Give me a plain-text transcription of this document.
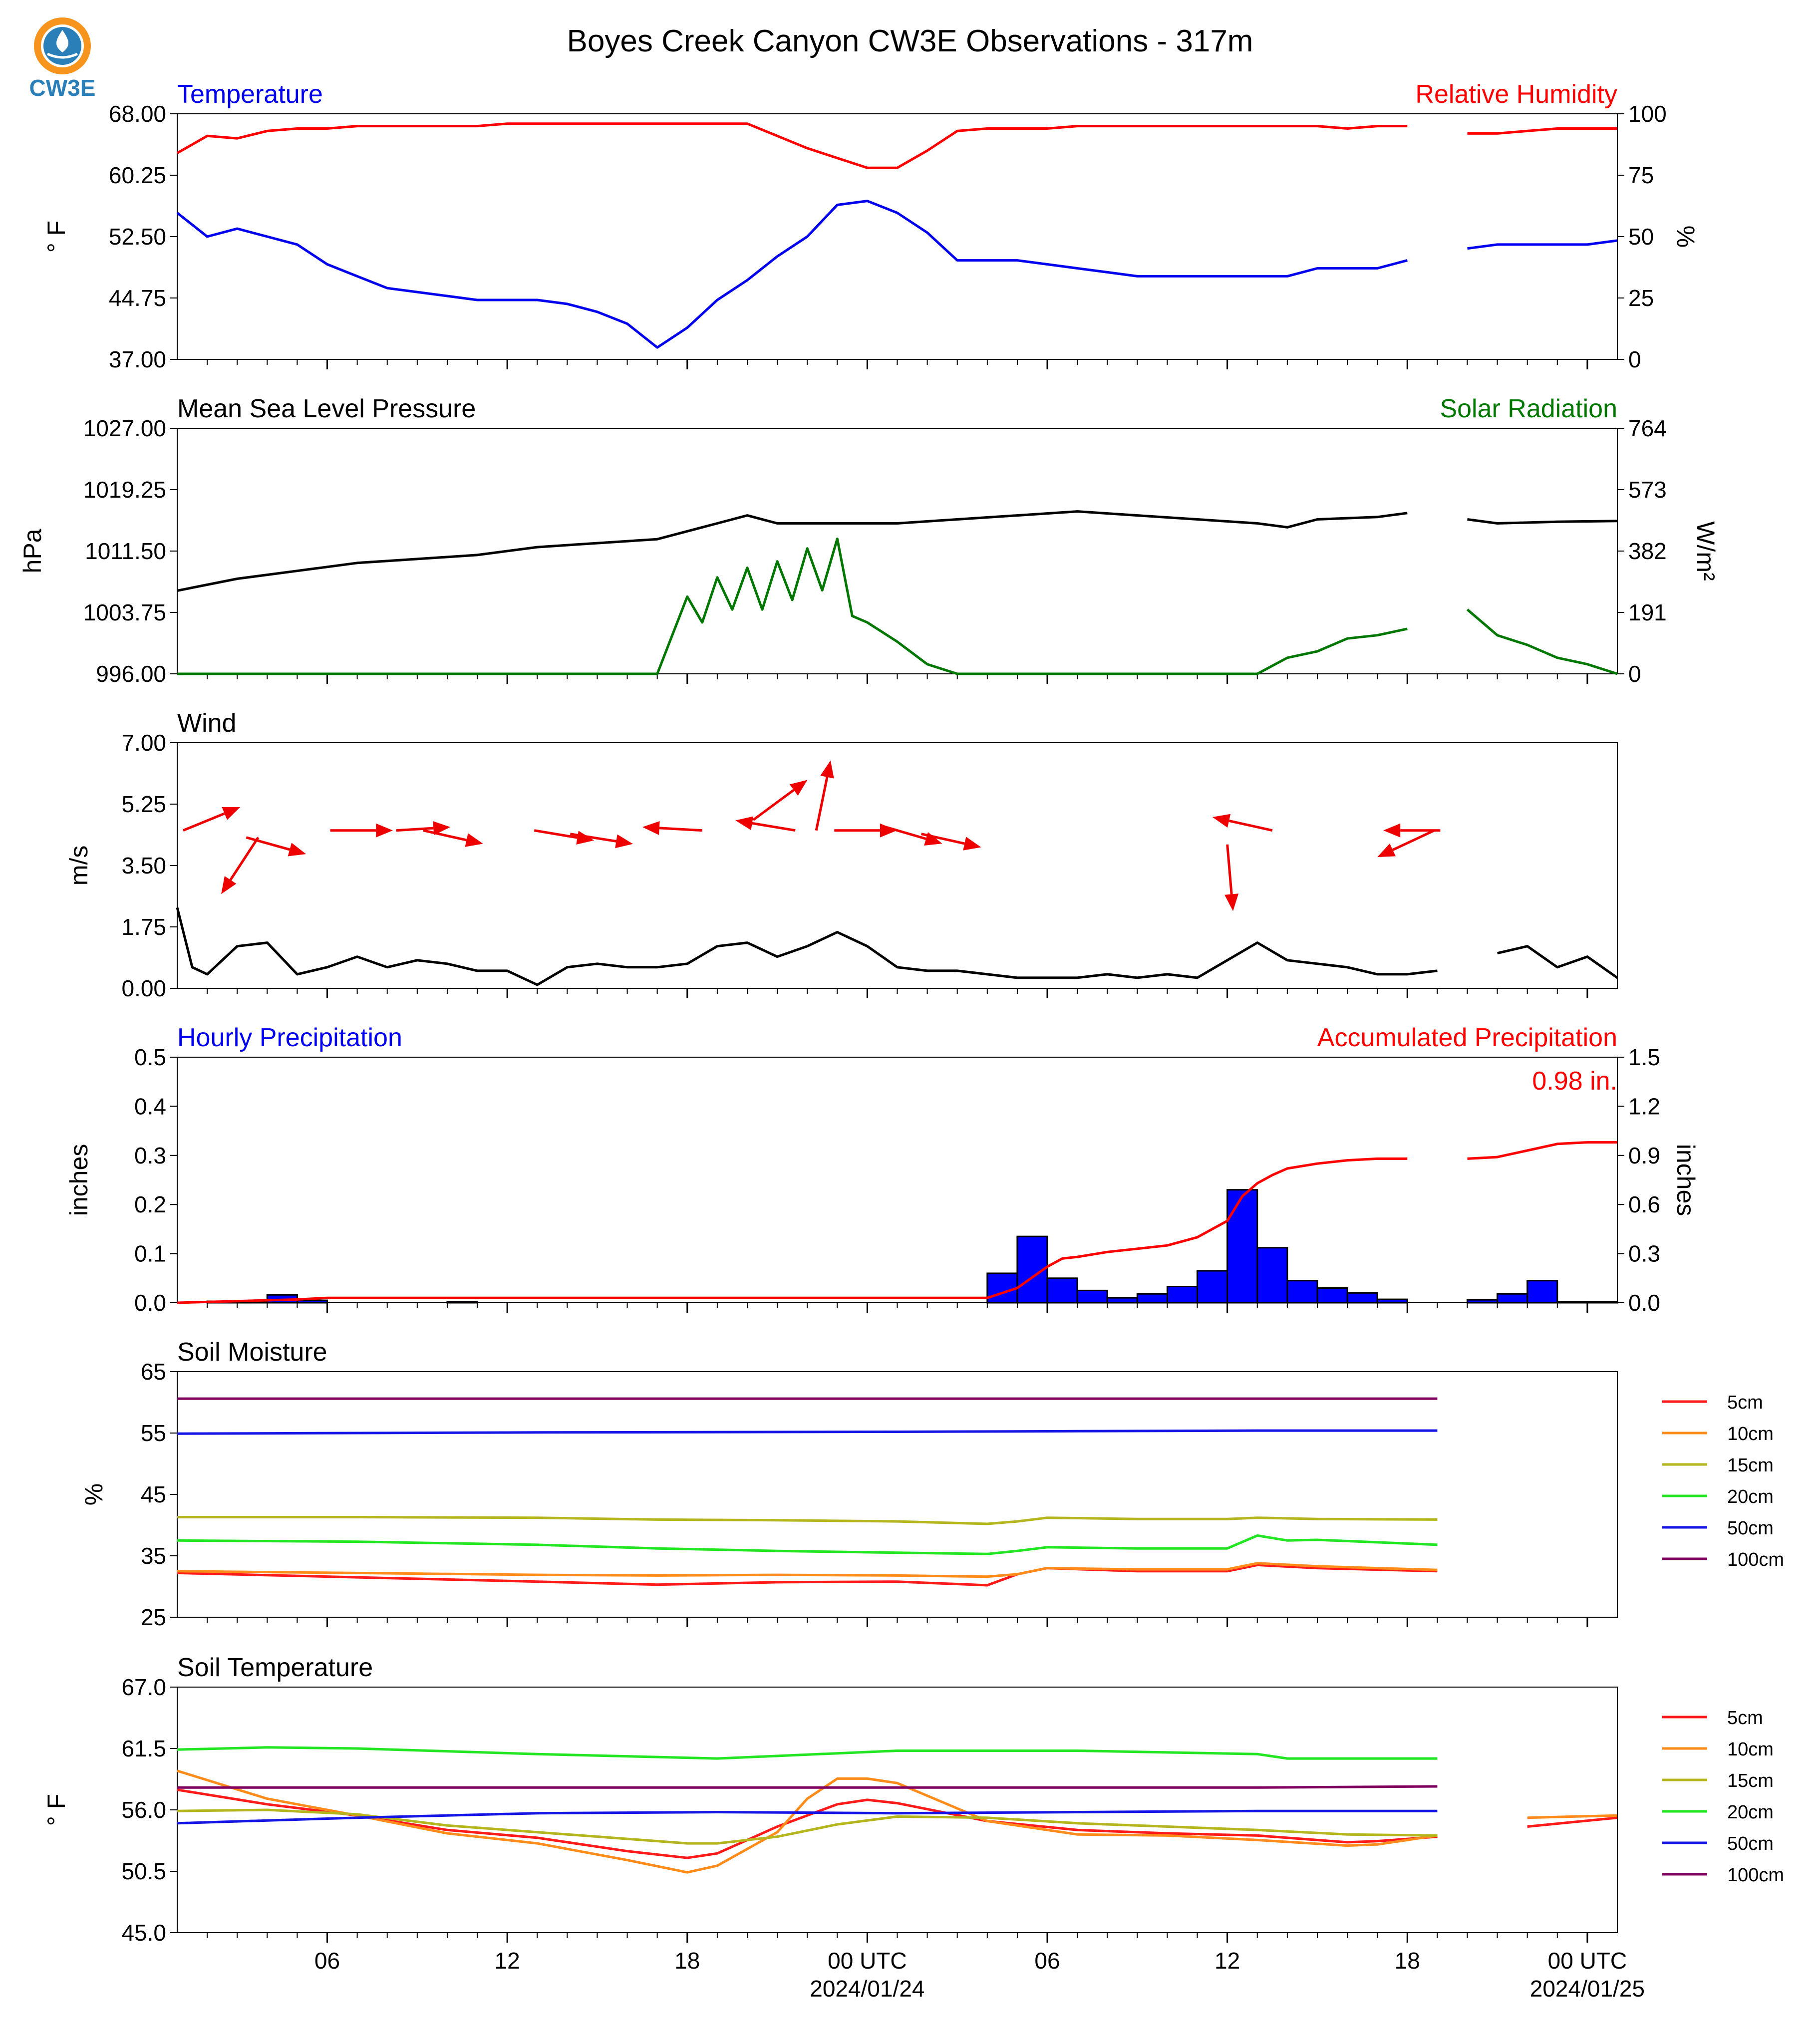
CW3E
Boyes Creek Canyon CW3E Observations - 317m
Temperature	Relative Humidity
68.00
60.25
52.50
44.75
37.00
100
75
50
25
0
° F	%
Mean Sea Level Pressure	Solar Radiation
1027.00
1019.25
1011.50
1003.75
996.00
764
573
382
191
0
hPa	W/m²
Wind
7.00
5.25
3.50
1.75
0.00
m/s
Hourly Precipitation	Accumulated Precipitation
0.5
0.4
0.3
0.2
0.1
0.0
1.5
1.2
0.9
0.6
0.3
0.0
inches	inches
0.98 in.
Soil Moisture
65
55
45
35
25
%
5cm
10cm
15cm
20cm
50cm
100cm
Soil Temperature
67.0
61.5
56.0
50.5
45.0
° F
5cm
10cm
15cm
20cm
50cm
100cm
06	12	18	00 UTC	06	12	18	00 UTC
2024/01/24	2024/01/25
